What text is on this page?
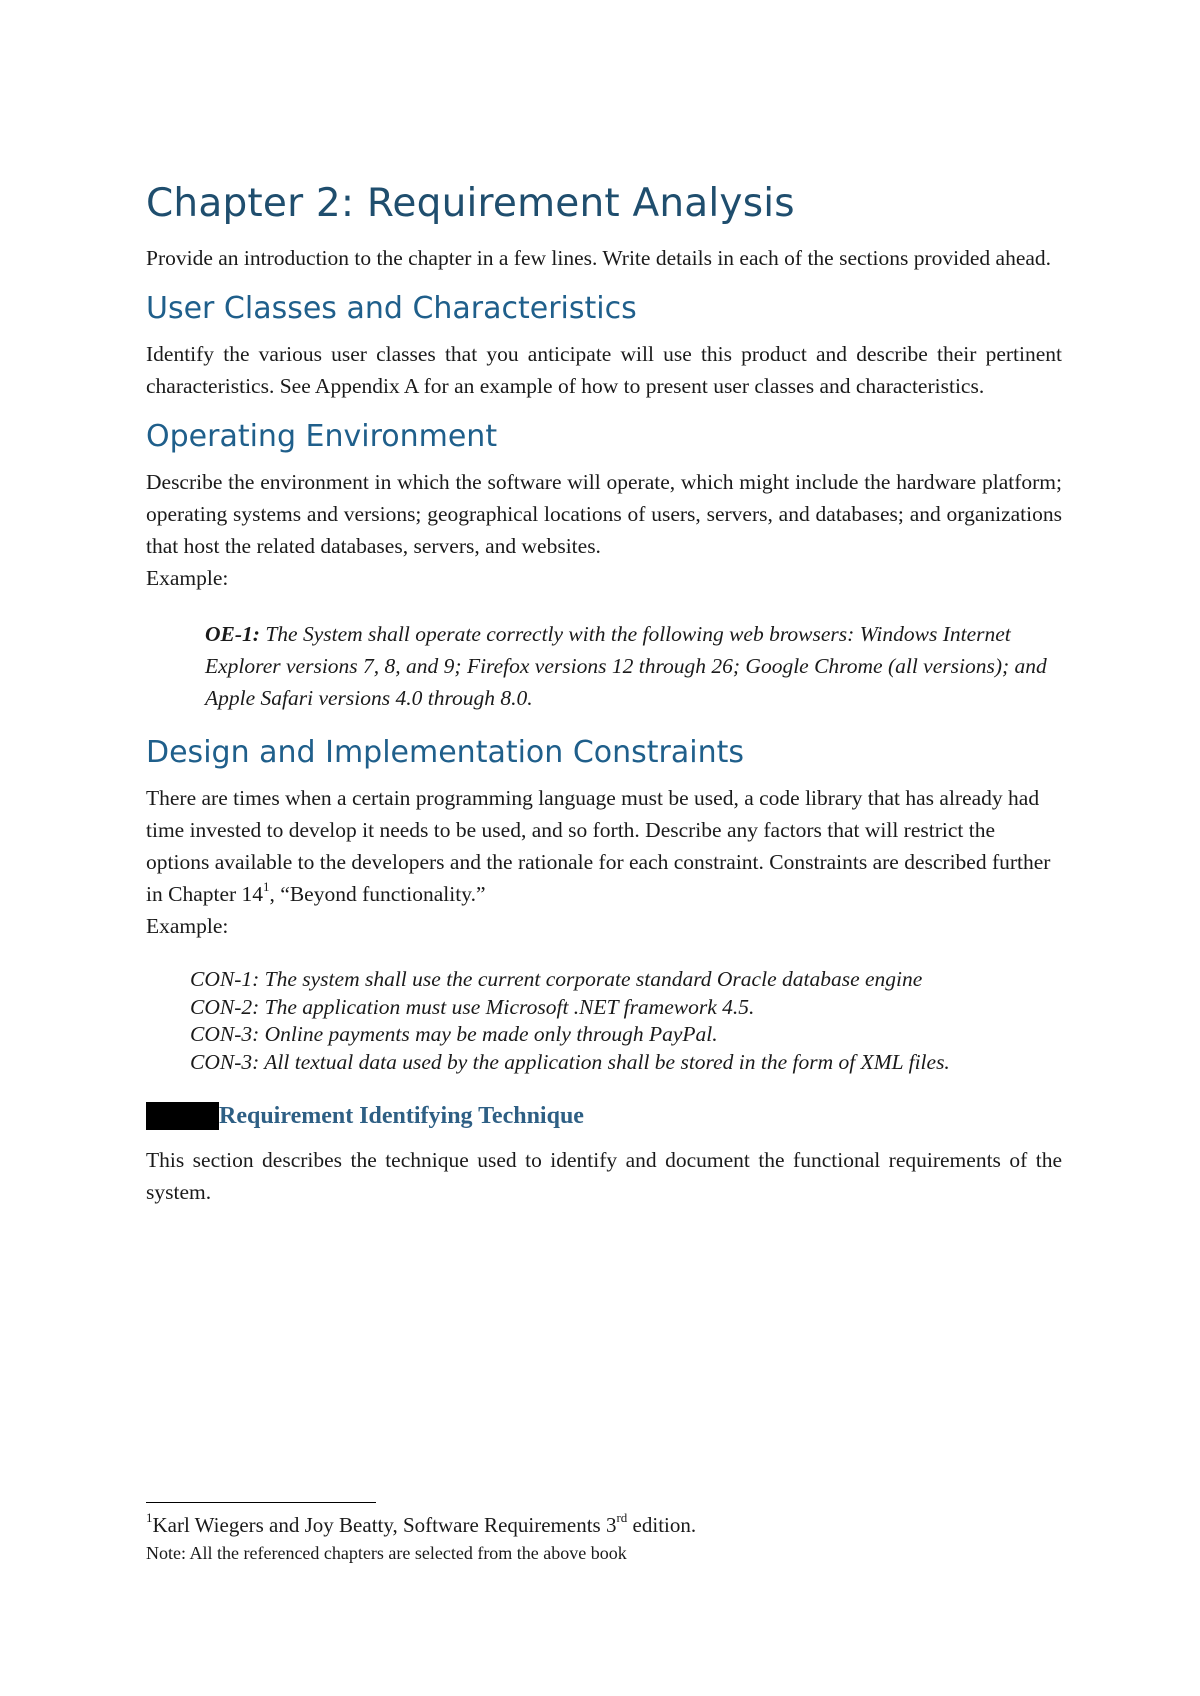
Chapter 2: Requirement Analysis

Provide an introduction to the chapter in a few lines. Write details in each of the sections provided ahead.

User Classes and Characteristics

Identify the various user classes that you anticipate will use this product and describe their pertinent characteristics. See Appendix A for an example of how to present user classes and characteristics.

Operating Environment

Describe the environment in which the software will operate, which might include the hardware platform; operating systems and versions; geographical locations of users, servers, and databases; and organizations that host the related databases, servers, and websites.

Example:

OE-1: The System shall operate correctly with the following web browsers: Windows Internet Explorer versions 7, 8, and 9; Firefox versions 12 through 26; Google Chrome (all versions); and Apple Safari versions 4.0 through 8.0.
Design and Implementation Constraints

There are times when a certain programming language must be used, a code library that has already had time invested to develop it needs to be used, and so forth. Describe any factors that will restrict the options available to the developers and the rationale for each constraint. Constraints are described further in Chapter $14^1$, “Beyond functionality.”

Example:

CON-1: The system shall use the current corporate standard Oracle database engine
CON-2: The application must use Microsoft .NET framework 4.5.
CON-3: Online payments may be made only through PayPal.
CON-3: All textual data used by the application shall be stored in the form of XML files.
Requirement Identifying Technique

This section describes the technique used to identify and document the functional requirements of the system.

$^1$Karl Wiegers and Joy Beatty, Software Requirements 3rd edition.
Note: All the referenced chapters are selected from the above book
